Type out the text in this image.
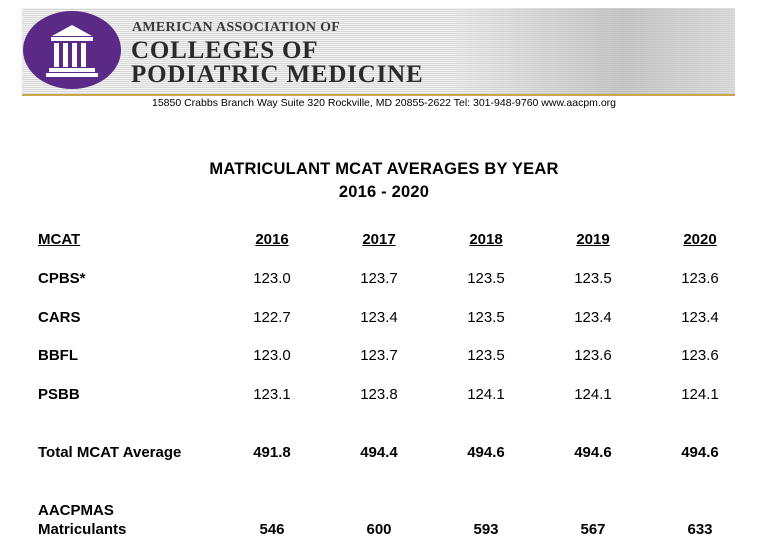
AMERICAN ASSOCIATION OF
COLLEGES OF
PODIATRIC MEDICINE
15850 Crabbs Branch Way Suite 320 Rockville, MD 20855-2622 Tel: 301-948-9760 www.aacpm.org
MATRICULANT MCAT AVERAGES BY YEAR
2016 - 2020
MCAT	2016	2017	2018	2019	2020
CPBS*	123.0	123.7	123.5	123.5	123.6
CARS	122.7	123.4	123.5	123.4	123.4
BBFL	123.0	123.7	123.5	123.6	123.6
PSBB	123.1	123.8	124.1	124.1	124.1
Total MCAT Average	491.8	494.4	494.6	494.6	494.6
AACPMAS
Matriculants	546	600	593	567	633
